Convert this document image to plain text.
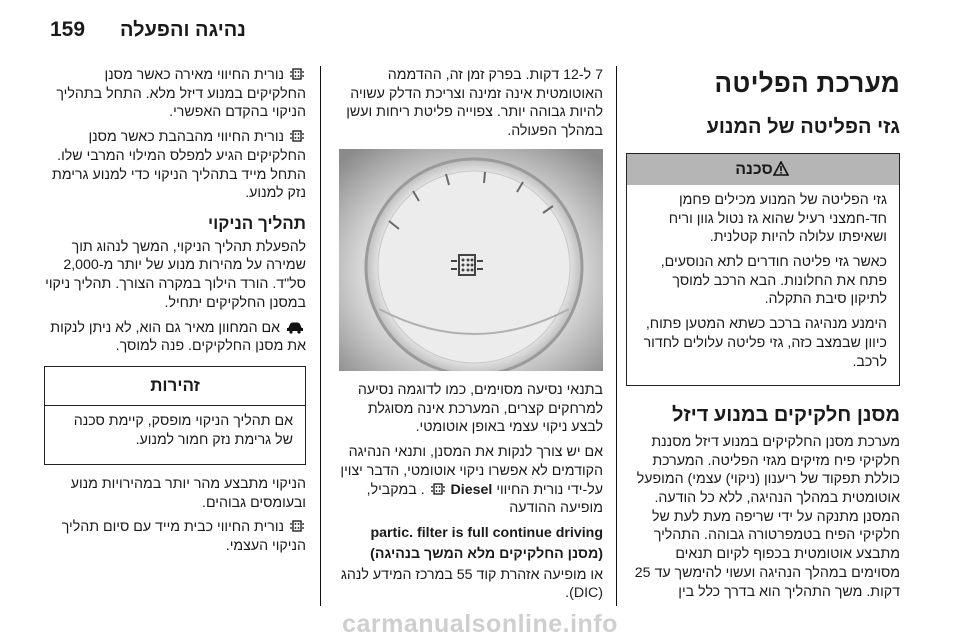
159 נהיגה והפעלה
מערכת הפליטה
גזי הפליטה של המנוע
סכנה

גזי הפליטה של המנוע מכילים פחמן חד-חמצני רעיל שהוא גז נטול גוון וריח ושאיפתו עלולה להיות קטלנית.

כאשר גזי פליטה חודרים לתא הנוסעים, פתח את החלונות. הבא הרכב למוסך לתיקון סיבת התקלה.

הימנע מנהיגה ברכב כשתא המטען פתוח, כיוון שבמצב כזה, גזי פליטה עלולים לחדור לרכב.

מסנן חלקיקים במנוע דיזל

מערכת מסנן החלקיקים במנוע דיזל מסננת חלקיקי פיח מזיקים מגזי הפליטה. המערכת כוללת תפקוד של ריענון (ניקוי) עצמי) המופעל אוטומטית במהלך הנהיגה, ללא כל הודעה. המסנן מתנקה על ידי שריפה מעת לעת של חלקיקי הפיח בטמפרטורה גבוהה. התהליך מתבצע אוטומטית בכפוף לקיום תנאים מסוימים במהלך הנהיגה ועשוי להימשך עד 25 דקות. משך התהליך הוא בדרך כלל בין

7 ל-12 דקות. בפרק זמן זה, ההדממה האוטומטית אינה זמינה וצריכת הדלק עשויה להיות גבוהה יותר. צפוייה פליטת ריחות ועשן במהלך הפעולה.

בתנאי נסיעה מסוימים, כמו לדוגמה נסיעה למרחקים קצרים, המערכת אינה מסוגלת לבצע ניקוי עצמי באופן אוטומטי.

אם יש צורך לנקות את המסנן, ותנאי הנהיגה הקודמים לא אפשרו ניקוי אוטומטי, הדבר יצוין על-ידי נורית החיווי Diesel  . במקביל, מופיעה ההודעה

partic. filter is full continue driving

(מסנן החלקיקים מלא המשך בנהיגה)

או מופיעה אזהרת קוד 55 במרכז המידע לנהג (DIC).

נורית החיווי מאירה כאשר מסנן החלקיקים במנוע דיזל מלא. התחל בתהליך הניקוי בהקדם האפשרי.

נורית החיווי מהבהבת כאשר מסנן החלקיקים הגיע למפלס המילוי המרבי שלו. התחל מייד בתהליך הניקוי כדי למנוע גרימת נזק למנוע.

תהליך הניקוי

להפעלת תהליך הניקוי, המשך לנהוג תוך שמירה על מהירות מנוע של יותר מ-2,000 סל"ד. הורד הילוך במקרה הצורך. תהליך ניקוי במסנן החלקיקים יתחיל.

אם המחוון מאיר גם הוא, לא ניתן לנקות את מסנן החלקיקים. פנה למוסך.

זהירות

אם תהליך הניקוי מופסק, קיימת סכנה של גרימת נזק חמור למנוע.

הניקוי מתבצע מהר יותר במהירויות מנוע ובעומסים גבוהים.

נורית החיווי כבית מייד עם סיום תהליך הניקוי העצמי.

carmanualsonline.info
